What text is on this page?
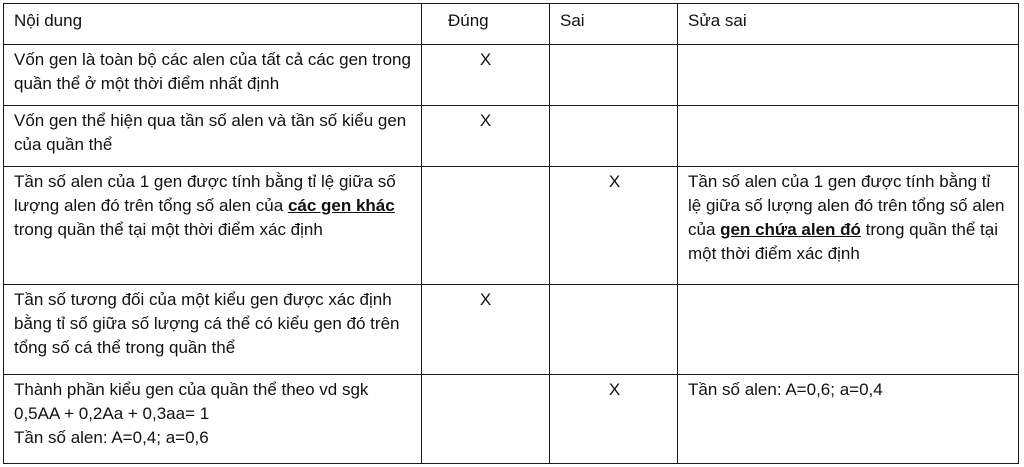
Nội dung	Đúng	Sai	Sửa sai

Vốn gen là toàn bộ các alen của tất cả các gen trong quần thể ở một thời điểm nhất định	X		

Vốn gen thể hiện qua tần số alen và tần số kiểu gen của quần thể	X		

Tần số alen của 1 gen được tính bằng tỉ lệ giữa số lượng alen đó trên tổng số alen của các gen khác trong quần thể tại một thời điểm xác định		X	Tần số alen của 1 gen được tính bằng tỉ lệ giữa số lượng alen đó trên tổng số alen của gen chứa alen đó trong quần thể tại một thời điểm xác định

Tần số tương đối của một kiểu gen được xác định bằng tỉ số giữa số lượng cá thể có kiểu gen đó trên tổng số cá thể trong quần thể	X		

Thành phần kiểu gen của quần thể theo vd sgk
0,5AA + 0,2Aa + 0,3aa= 1
Tần số alen: A=0,4; a=0,6		X	Tần số alen: A=0,6; a=0,4
